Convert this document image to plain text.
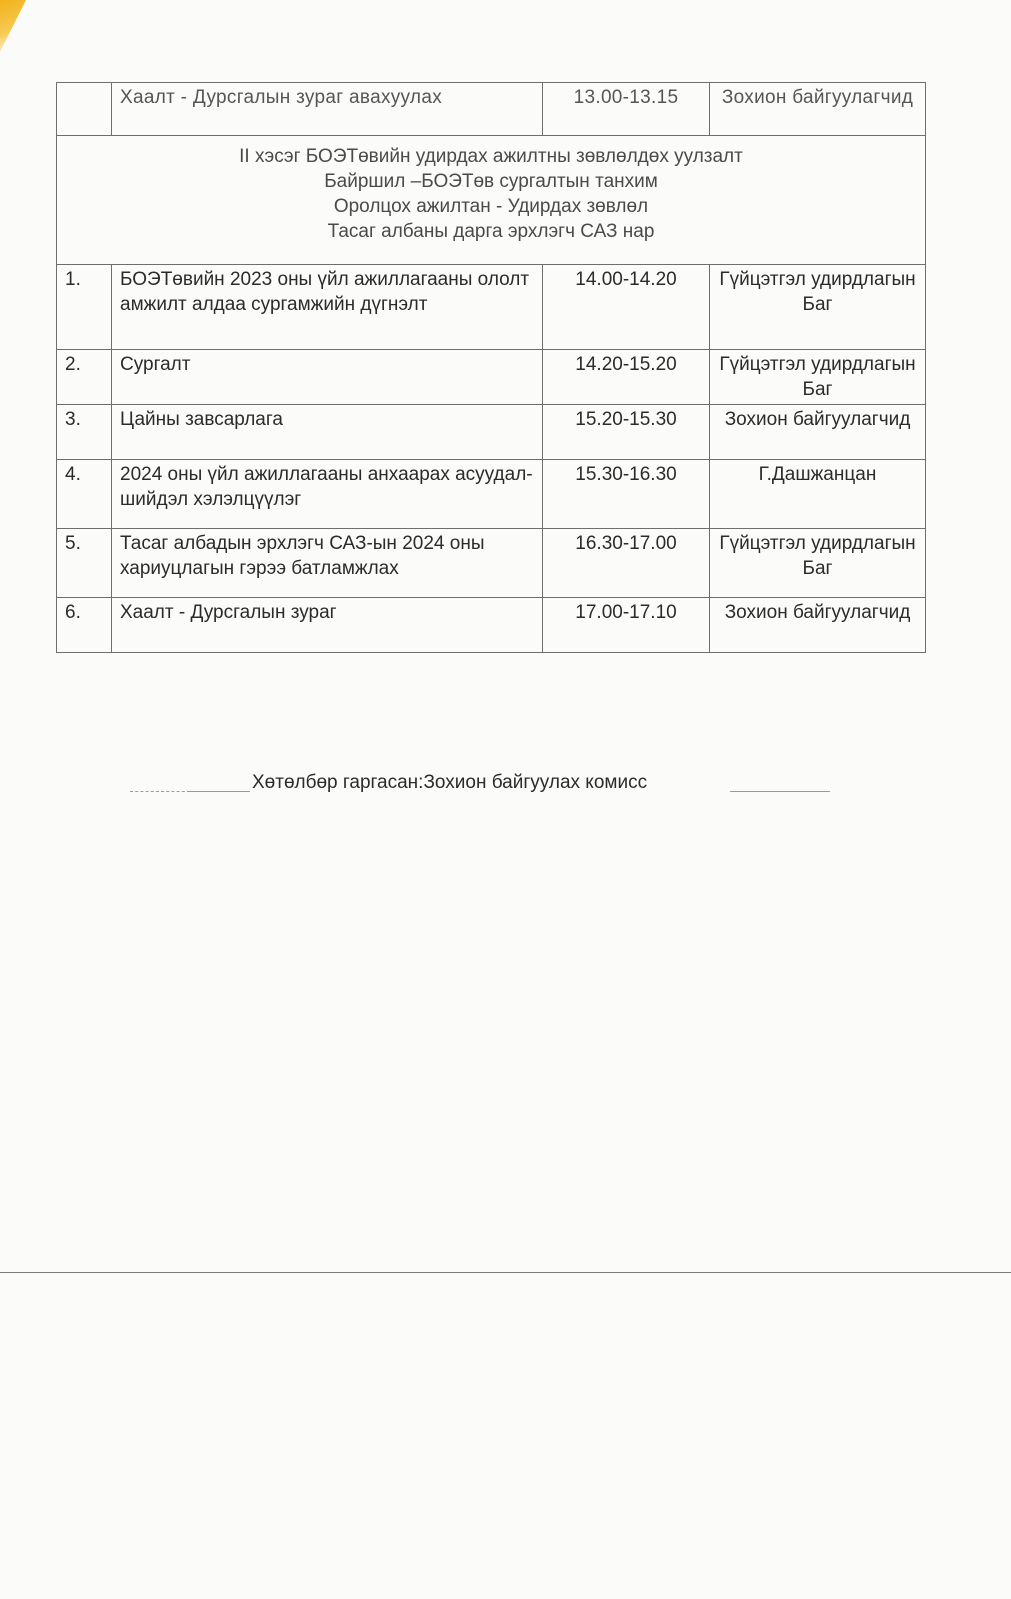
	Хаалт - Дурсгалын зураг авахуулах	13.00-13.15	Зохион байгуулагчид

II хэсэг БОЭТөвийн удирдах ажилтны зөвлөлдөх уулзалт
Байршил –БОЭТөв сургалтын танхим
Оролцох ажилтан - Удирдах зөвлөл
Тасаг албаны дарга эрхлэгч САЗ нар			

1.	БОЭТөвийн 2023 оны үйл ажиллагааны ололт амжилт алдаа сургамжийн дүгнэлт	14.00-14.20	Гүйцэтгэл удирдлагын Баг
2.	Сургалт	14.20-15.20	Гүйцэтгэл удирдлагын Баг
3.	Цайны завсарлага	15.20-15.30	Зохион байгуулагчид
4.	2024 оны үйл ажиллагааны анхаарах асуудал- шийдэл хэлэлцүүлэг	15.30-16.30	Г.Дашжанцан
5.	Тасаг албадын эрхлэгч САЗ-ын 2024 оны хариуцлагын гэрээ батламжлах	16.30-17.00	Гүйцэтгэл удирдлагын Баг
6.	Хаалт - Дурсгалын зураг	17.00-17.10	Зохион байгуулагчид
Хөтөлбөр гаргасан:Зохион байгуулах комисс
